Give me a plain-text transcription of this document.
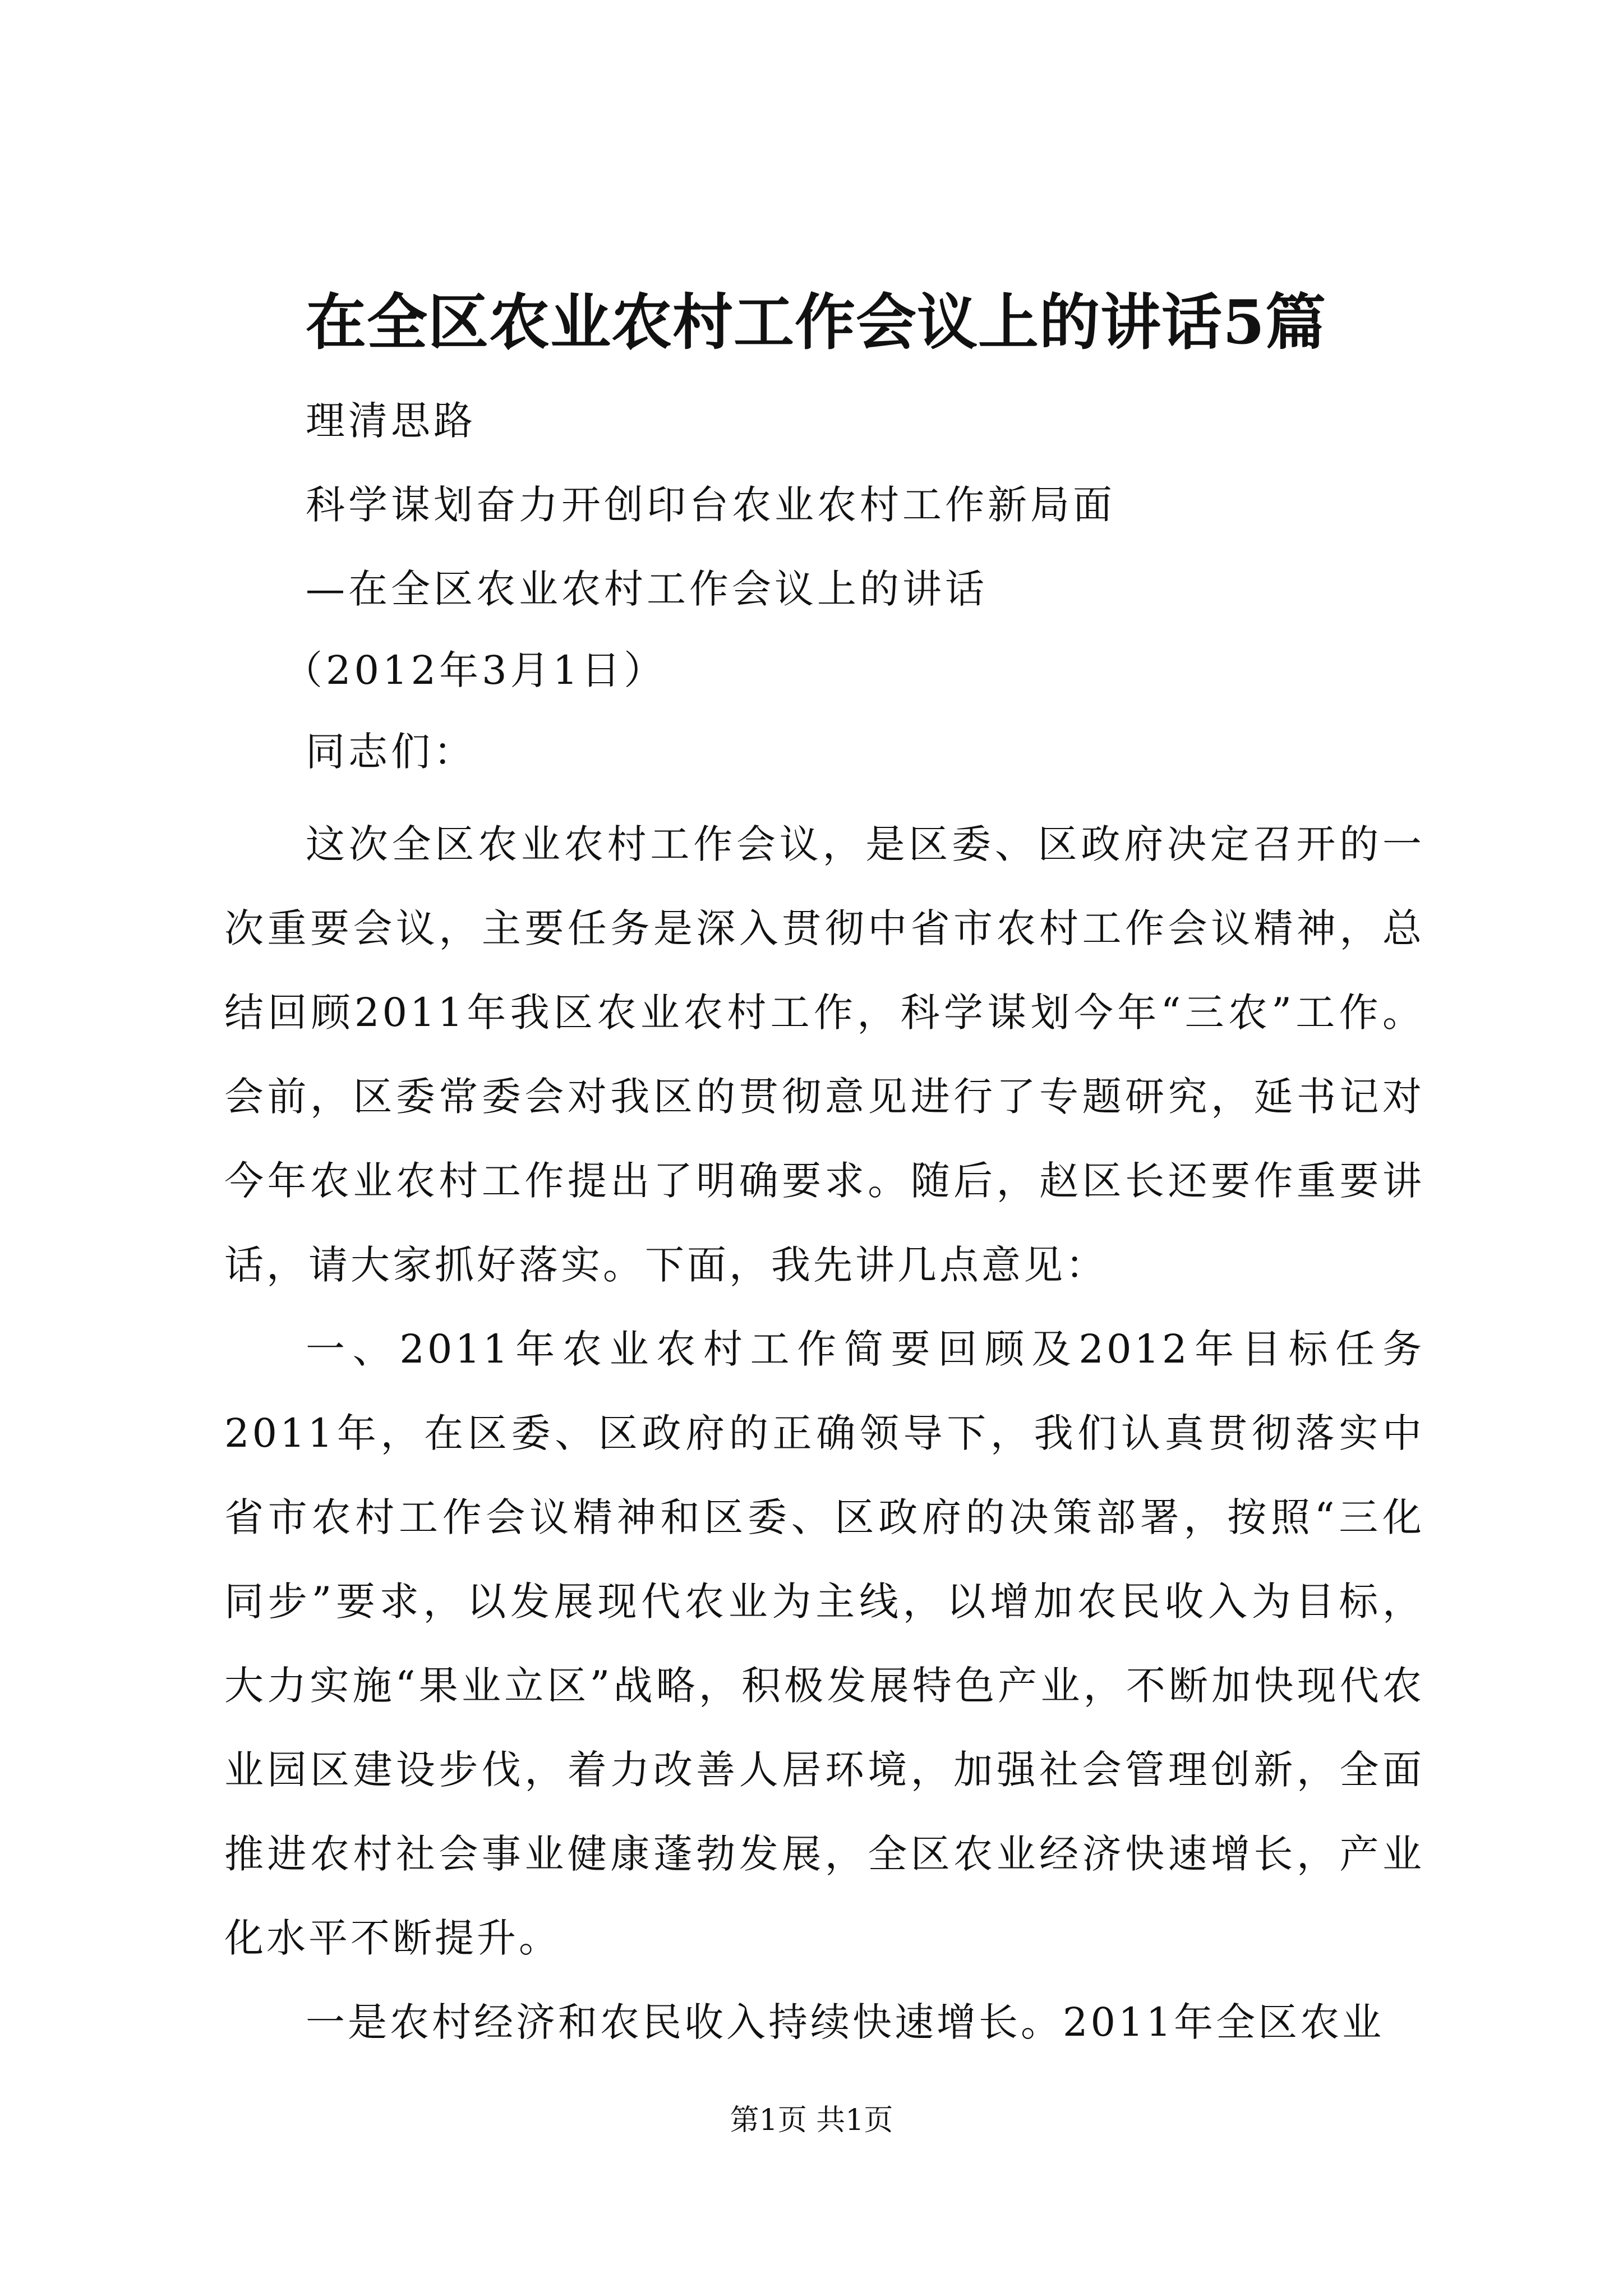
在全区农业农村工作会议上的讲话5篇
理清思路
科学谋划奋力开创印台农业农村工作新局面
—在全区农业农村工作会议上的讲话
（2012年3月1日）
同志们：

这次全区农业农村工作会议，是区委、区政府决定召开的一次重要会议，主要任务是深入贯彻中省市农村工作会议精神，总结回顾2011年我区农业农村工作，科学谋划今年“三农”工作。会前，区委常委会对我区的贯彻意见进行了专题研究，延书记对今年农业农村工作提出了明确要求。随后，赵区长还要作重要讲话，请大家抓好落实。下面，我先讲几点意见：

一、2011年农业农村工作简要回顾及2012年目标任务2011年，在区委、区政府的正确领导下，我们认真贯彻落实中省市农村工作会议精神和区委、区政府的决策部署，按照“三化同步”要求，以发展现代农业为主线，以增加农民收入为目标，大力实施“果业立区”战略，积极发展特色产业，不断加快现代农业园区建设步伐，着力改善人居环境，加强社会管理创新，全面推进农村社会事业健康蓬勃发展，全区农业经济快速增长，产业化水平不断提升。

一是农村经济和农民收入持续快速增长。2011年全区农业

第1页 共1页
